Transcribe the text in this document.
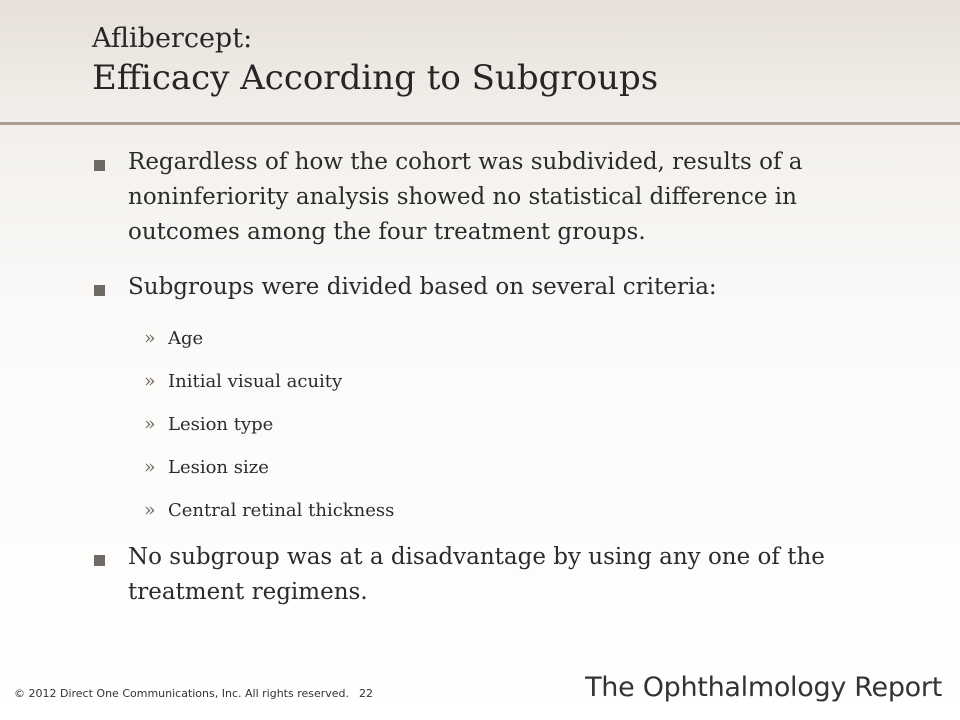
Aflibercept:
Efficacy According to Subgroups
Regardless of how the cohort was subdivided, results of a noninferiority analysis showed no statistical difference in outcomes among the four treatment groups.
Subgroups were divided based on several criteria:
» Age
» Initial visual acuity
» Lesion type
» Lesion size
» Central retinal thickness
No subgroup was at a disadvantage by using any one of the treatment regimens.
© 2012 Direct One Communications, Inc. All rights reserved. 22	The Ophthalmology Report
